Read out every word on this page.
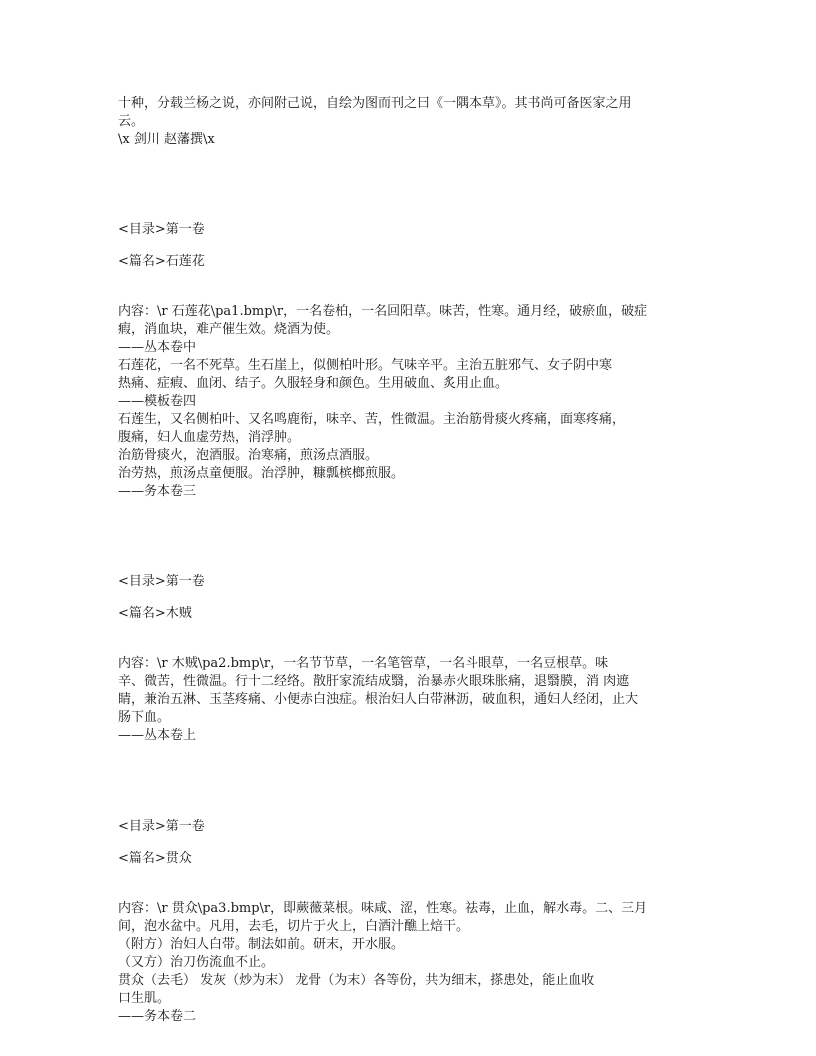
十种，分载兰杨之说，亦间附己说，自绘为图而刊之曰《一隅本草》。其书尚可备医家之用
云。
\x 剑川 赵藩撰\x
<目录>第一卷
<篇名>石莲花
内容：\r 石莲花\pa1.bmp\r，一名卷柏，一名回阳草。味苦，性寒。通月经，破瘀血，破症
瘕，消血块，难产催生效。烧酒为使。
——丛本卷中
石莲花，一名不死草。生石崖上，似侧柏叶形。气味辛平。主治五脏邪气、女子阴中寒
热痛、症瘕、血闭、结子。久服轻身和颜色。生用破血、炙用止血。
——模板卷四
石莲生，又名侧柏叶、又名鸣鹿衔，味辛、苦，性微温。主治筋骨痰火疼痛，面寒疼痛，
腹痛，妇人血虚劳热，消浮肿。
治筋骨痰火，泡酒服。治寒痛，煎汤点酒服。
治劳热，煎汤点童便服。治浮肿，糠瓢槟榔煎服。
——务本卷三
<目录>第一卷
<篇名>木贼
内容：\r 木贼\pa2.bmp\r，一名节节草，一名笔管草，一名斗眼草，一名豆根草。味
辛、微苦，性微温。行十二经络。散肝家流结成翳，治暴赤火眼珠胀痛，退翳膜，消 肉遮
睛，兼治五淋、玉茎疼痛、小便赤白浊症。根治妇人白带淋沥，破血积，通妇人经闭，止大
肠下血。
——丛本卷上
<目录>第一卷
<篇名>贯众
内容：\r 贯众\pa3.bmp\r，即蕨薇菜根。味咸、涩，性寒。祛毒，止血，解水毒。二、三月
间，泡水盆中。凡用，去毛，切片于火上，白酒汁醮上焙干。
（附方）治妇人白带。制法如前。研末，开水服。
（又方）治刀伤流血不止。
贯众（去毛） 发灰（炒为末） 龙骨（为末）各等份，共为细末，搽患处，能止血收
口生肌。
——务本卷二
